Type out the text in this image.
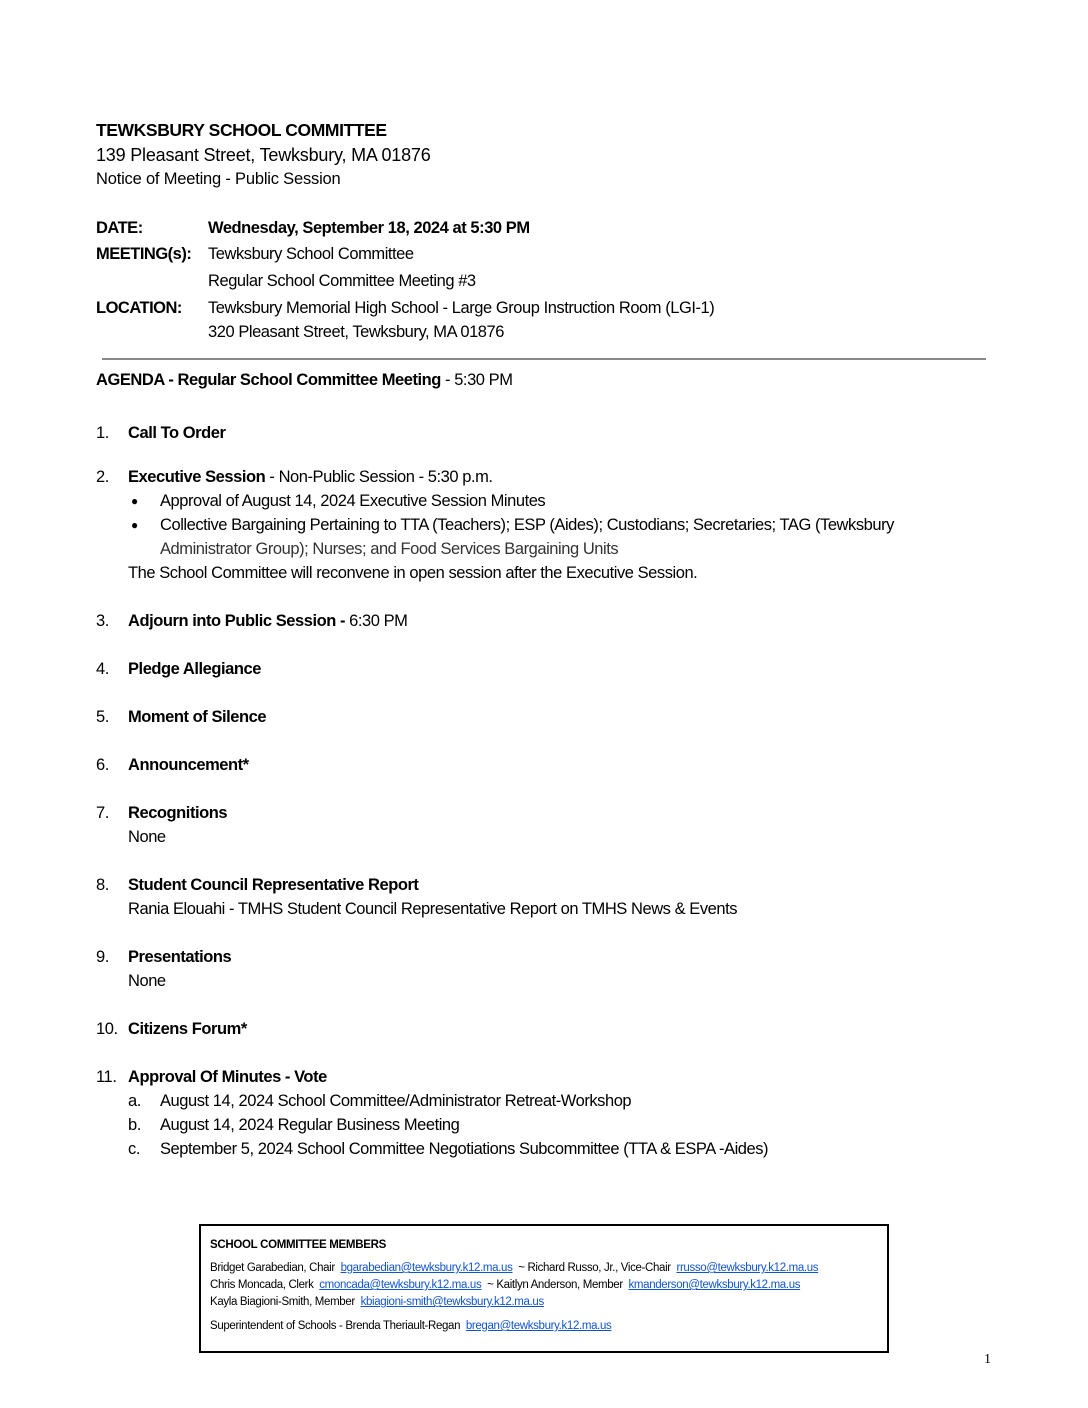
TEWKSBURY SCHOOL COMMITTEE
139 Pleasant Street, Tewksbury, MA 01876
Notice of Meeting - Public Session
DATE:	Wednesday, September 18, 2024 at 5:30 PM
MEETING(s): Tewksbury School Committee
Regular School Committee Meeting #3
LOCATION: Tewksbury Memorial High School - Large Group Instruction Room (LGI-1)
320 Pleasant Street, Tewksbury, MA 01876
AGENDA - Regular School Committee Meeting - 5:30 PM
1. Call To Order
2. Executive Session - Non-Public Session - 5:30 p.m.
● Approval of August 14, 2024 Executive Session Minutes
● Collective Bargaining Pertaining to TTA (Teachers); ESP (Aides); Custodians; Secretaries; TAG (Tewksbury
Administrator Group); Nurses; and Food Services Bargaining Units
The School Committee will reconvene in open session after the Executive Session.
3. Adjourn into Public Session - 6:30 PM
4. Pledge Allegiance
5. Moment of Silence
6. Announcement*
7. Recognitions
None
8. Student Council Representative Report
Rania Elouahi - TMHS Student Council Representative Report on TMHS News & Events
9. Presentations
None
10. Citizens Forum*
11. Approval Of Minutes - Vote
a. August 14, 2024 School Committee/Administrator Retreat-Workshop
b. August 14, 2024 Regular Business Meeting
c. September 5, 2024 School Committee Negotiations Subcommittee (TTA & ESPA -Aides)
SCHOOL COMMITTEE MEMBERS
Bridget Garabedian, Chair bgarabedian@tewksbury.k12.ma.us ~ Richard Russo, Jr., Vice-Chair rrusso@tewksbury.k12.ma.us
Chris Moncada, Clerk cmoncada@tewksbury.k12.ma.us ~ Kaitlyn Anderson, Member kmanderson@tewksbury.k12.ma.us
Kayla Biagioni-Smith, Member kbiagioni-smith@tewksbury.k12.ma.us
Superintendent of Schools - Brenda Theriault-Regan bregan@tewksbury.k12.ma.us
1
